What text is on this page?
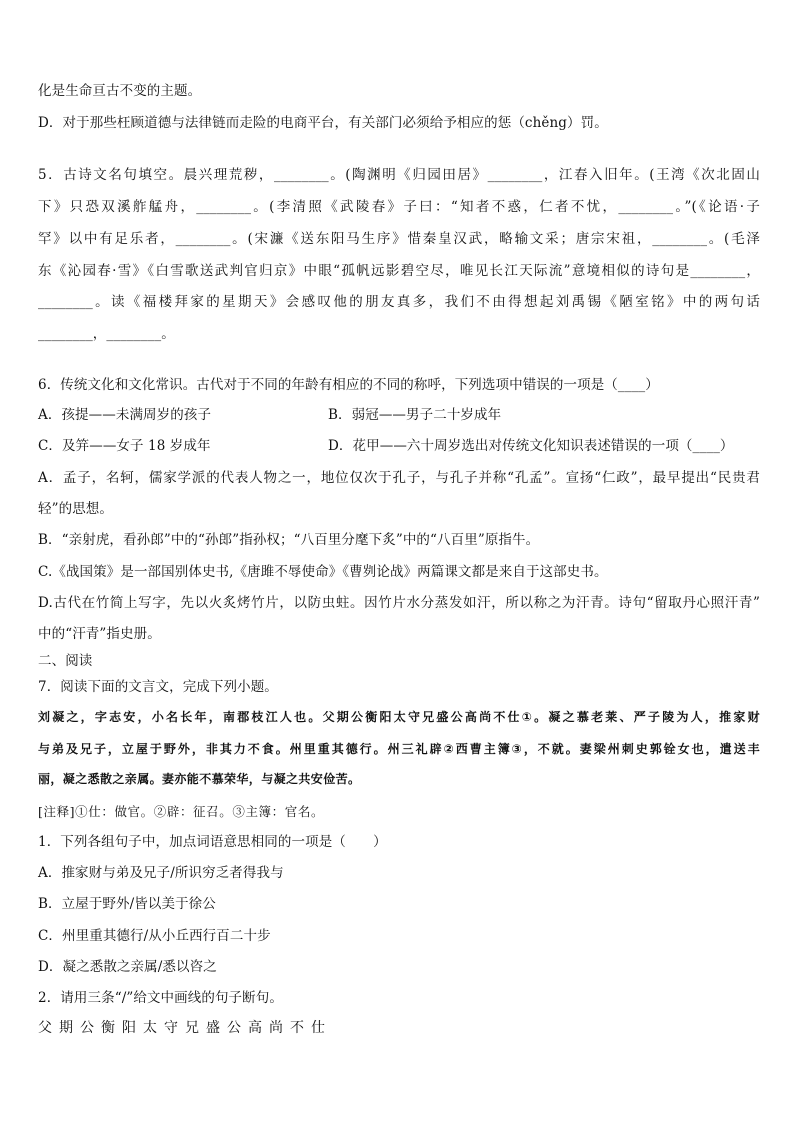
化是生命亘古不变的主题。
D．对于那些枉顾道德与法律链而走险的电商平台，有关部门必须给予相应的惩（chěng）罚。
5．古诗文名句填空。晨兴理荒秽，________。(陶渊明《归园田居》________，江春入旧年。(王湾《次北固山
下》只恐双溪舴艋舟，________。(李清照《武陵春》子曰：“知者不惑，仁者不忧，________。”(《论语·子
罕》以中有足乐者，________。(宋濂《送东阳马生序》惜秦皇汉武，略输文采；唐宗宋祖，________。(毛泽
东《沁园春·雪》《白雪歌送武判官归京》中眼“孤帆远影碧空尽，唯见长江天际流”意境相似的诗句是________，
________。读《福楼拜家的星期天》会感叹他的朋友真多，我们不由得想起刘禹锡《陋室铭》中的两句话
________，________。
6．传统文化和文化常识。古代对于不同的年龄有相应的不同的称呼，下列选项中错误的一项是（____）
A．孩提——未满周岁的孩子	B．弱冠——男子二十岁成年
C．及笄——女子 18 岁成年	D．花甲——六十周岁选出对传统文化知识表述错误的一项（____）
A．孟子，名轲，儒家学派的代表人物之一，地位仅次于孔子，与孔子并称“孔孟”。宣扬“仁政”，最早提出“民贵君
轻”的思想。
B．“亲射虎，看孙郎”中的“孙郎”指孙权；“八百里分麾下炙”中的“八百里”原指牛。
C.《战国策》是一部国别体史书,《唐雎不辱使命》《曹刿论战》两篇课文都是来自于这部史书。
D.古代在竹简上写字，先以火炙烤竹片，以防虫蛀。因竹片水分蒸发如汗，所以称之为汗青。诗句“留取丹心照汗青”
中的“汗青”指史册。
二、阅读
7．阅读下面的文言文，完成下列小题。
刘凝之，字志安，小名长年，南郡枝江人也。父期公衡阳太守兄盛公高尚不仕①。凝之慕老莱、严子陵为人，推家财
与弟及兄子，立屋于野外，非其力不食。州里重其德行。州三礼辟②西曹主簿③，不就。妻梁州刺史郭铨女也，遣送丰
丽，凝之悉散之亲属。妻亦能不慕荣华，与凝之共安俭苦。
[注释]①仕：做官。②辟：征召。③主簿：官名。
1．下列各组句子中，加点词语意思相同的一项是（　　）
A．推家财与弟及兄子/所识穷乏者得我与
B．立屋于野外/皆以美于徐公
C．州里重其德行/从小丘西行百二十步
D．凝之悉散之亲属/悉以咨之
2．请用三条“/”给文中画线的句子断句。
父期公衡阳太守兄盛公高尚不仕
